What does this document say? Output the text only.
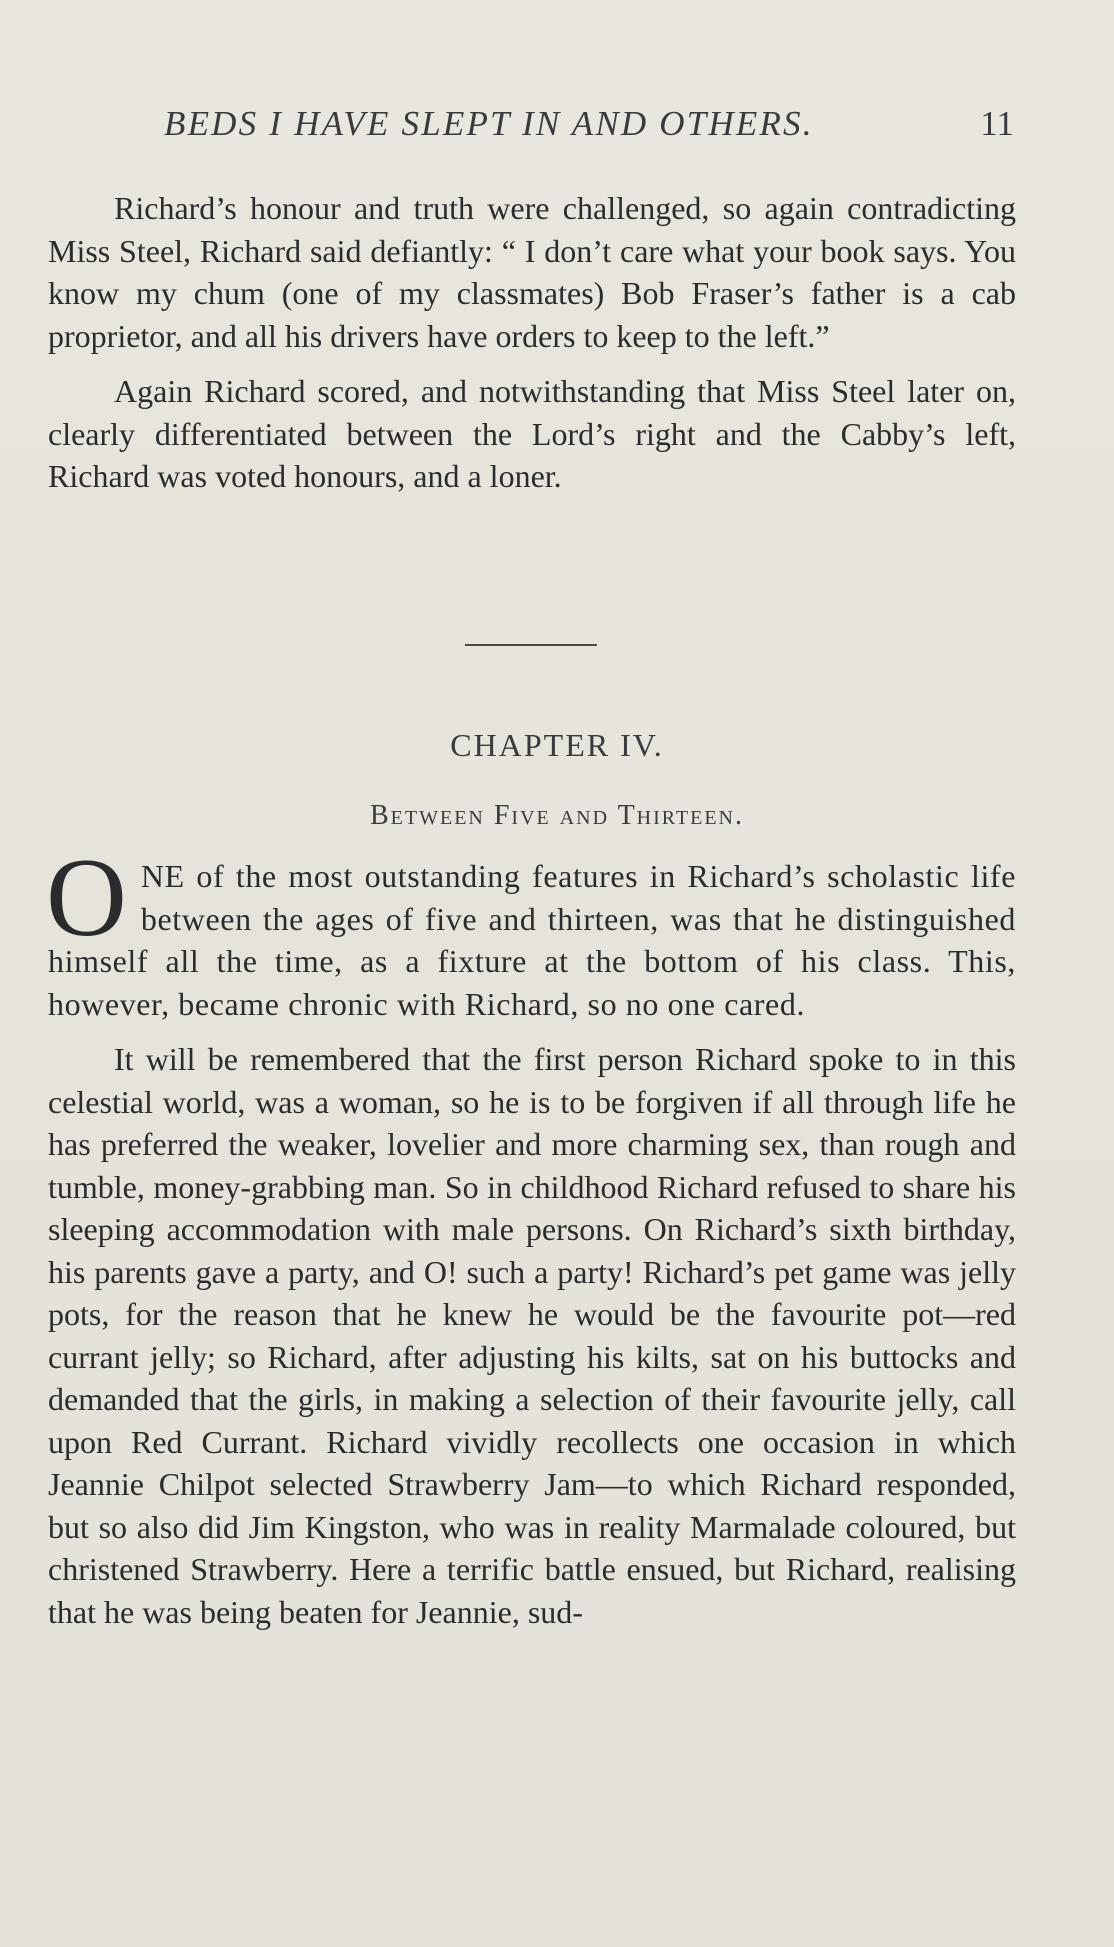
BEDS I HAVE SLEPT IN AND OTHERS.	11

Richard’s honour and truth were challenged, so again contradicting Miss Steel, Richard said defiantly: “ I don’t care what your book says. You know my chum (one of my classmates) Bob Fraser’s father is a cab proprietor, and all his drivers have orders to keep to the left.”

Again Richard scored, and notwithstanding that Miss Steel later on, clearly differentiated between the Lord’s right and the Cabby’s left, Richard was voted honours, and a loner.

CHAPTER IV.
Between Five and Thirteen.

ONE of the most outstanding features in Richard’s scholastic life between the ages of five and thirteen, was that he distinguished himself all the time, as a fixture at the bottom of his class. This, however, became chronic with Richard, so no one cared.

It will be remembered that the first person Richard spoke to in this celestial world, was a woman, so he is to be forgiven if all through life he has preferred the weaker, lovelier and more charming sex, than rough and tumble, money-grabbing man. So in childhood Richard refused to share his sleeping accommodation with male persons. On Richard’s sixth birthday, his parents gave a party, and O! such a party! Richard’s pet game was jelly pots, for the reason that he knew he would be the favourite pot—red currant jelly; so Richard, after adjusting his kilts, sat on his buttocks and demanded that the girls, in making a selection of their favourite jelly, call upon Red Currant. Richard vividly recollects one occasion in which Jeannie Chilpot selected Strawberry Jam—to which Richard responded, but so also did Jim Kingston, who was in reality Marmalade coloured, but christened Strawberry. Here a terrific battle ensued, but Richard, realising that he was being beaten for Jeannie, sud-
